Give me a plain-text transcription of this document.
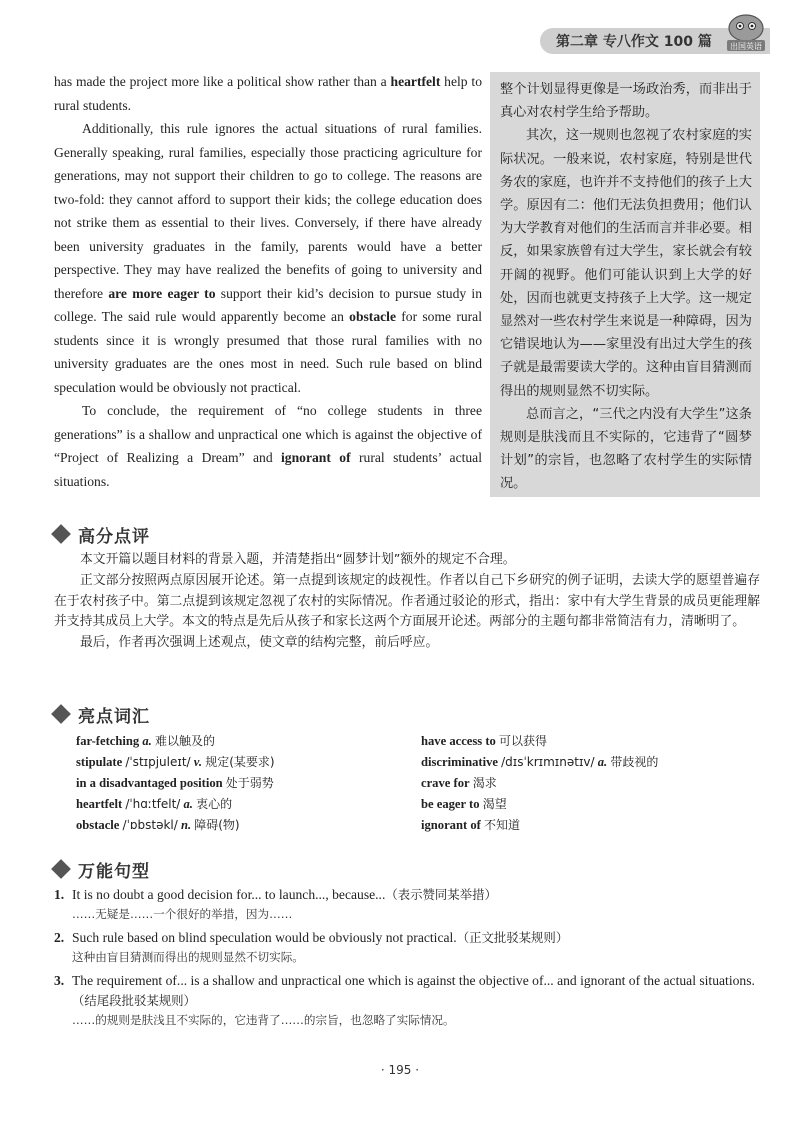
第二章 专八作文 100 篇 出国英语

has made the project more like a political show rather than a heartfelt help to rural students.

Additionally, this rule ignores the actual situations of rural families. Generally speaking, rural families, especially those practicing agriculture for generations, may not support their children to go to college. The reasons are two-fold: they cannot afford to support their kids; the college education does not strike them as essential to their lives. Conversely, if there have already been university graduates in the family, parents would have a better perspective. They may have realized the benefits of going to university and therefore are more eager to support their kid’s decision to pursue study in college. The said rule would apparently become an obstacle for some rural students since it is wrongly presumed that those rural families with no university graduates are the ones most in need. Such rule based on blind speculation would be obviously not practical.

To conclude, the requirement of “no college students in three generations” is a shallow and unpractical one which is against the objective of “Project of Realizing a Dream” and ignorant of rural students’ actual situations.

整个计划显得更像是一场政治秀，而非出于真心对农村学生给予帮助。

其次，这一规则也忽视了农村家庭的实际状况。一般来说，农村家庭，特别是世代务农的家庭，也许并不支持他们的孩子上大学。原因有二：他们无法负担费用；他们认为大学教育对他们的生活而言并非必要。相反，如果家族曾有过大学生，家长就会有较开阔的视野。他们可能认识到上大学的好处，因而也就更支持孩子上大学。这一规定显然对一些农村学生来说是一种障碍，因为它错误地认为——家里没有出过大学生的孩子就是最需要读大学的。这种由盲目猜测而得出的规则显然不切实际。

总而言之，“三代之内没有大学生”这条规则是肤浅而且不实际的，它违背了“圆梦计划”的宗旨，也忽略了农村学生的实际情况。

高分点评

本文开篇以题目材料的背景入题，并清楚指出“圆梦计划”额外的规定不合理。

正文部分按照两点原因展开论述。第一点提到该规定的歧视性。作者以自己下乡研究的例子证明，去读大学的愿望普遍存在于农村孩子中。第二点提到该规定忽视了农村的实际情况。作者通过驳论的形式，指出：家中有大学生背景的成员更能理解并支持其成员上大学。本文的特点是先后从孩子和家长这两个方面展开论述。两部分的主题句都非常简洁有力，清晰明了。

最后，作者再次强调上述观点，使文章的结构完整，前后呼应。

亮点词汇
far-fetching a. 难以触及的	have access to 可以获得
stipulate /ˈstɪpjuleɪt/ v. 规定(某要求)	discriminative /dɪsˈkrɪmɪnətɪv/ a. 带歧视的
in a disadvantaged position 处于弱势	crave for 渴求
heartfelt /ˈhɑːtfelt/ a. 衷心的	be eager to 渴望
obstacle /ˈɒbstəkl/ n. 障碍(物)	ignorant of 不知道
万能句型
1. It is no doubt a good decision for... to launch..., because...（表示赞同某举措）
……无疑是……一个很好的举措，因为……
2. Such rule based on blind speculation would be obviously not practical.（正文批驳某规则）
这种由盲目猜测而得出的规则显然不切实际。
3. The requirement of... is a shallow and unpractical one which is against the objective of... and ignorant of the actual situations.（结尾段批驳某规则）
……的规则是肤浅且不实际的，它违背了……的宗旨，也忽略了实际情况。
· 195 ·
